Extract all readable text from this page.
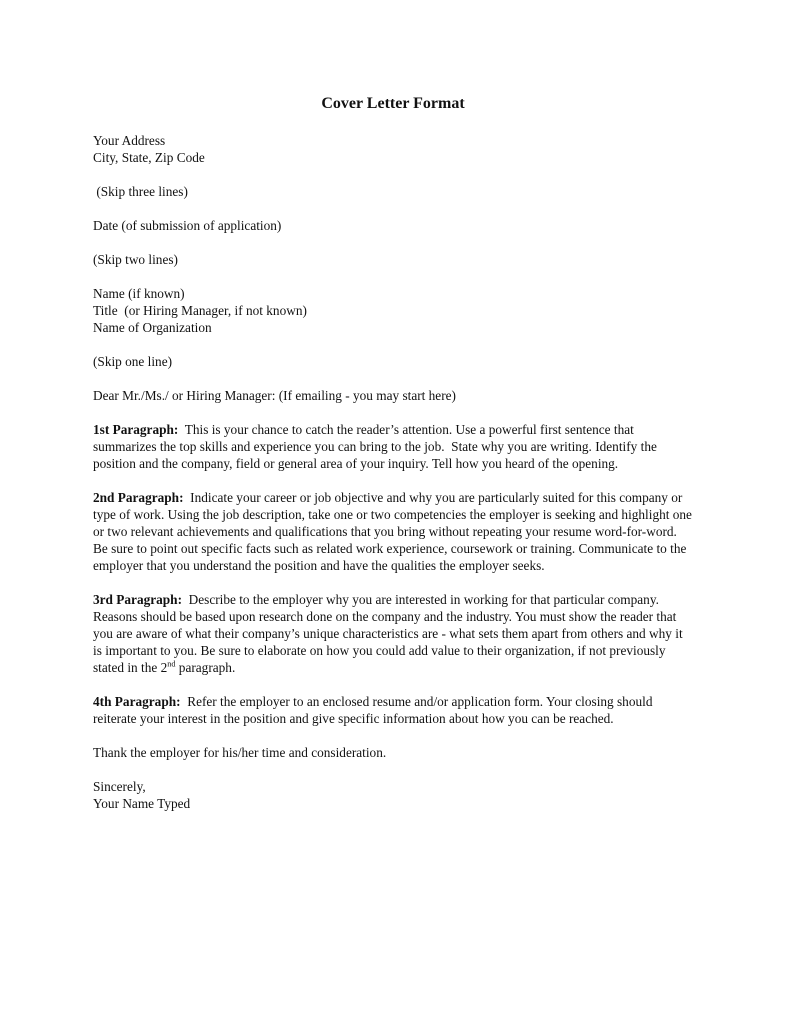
Cover Letter Format
Your Address
City, State, Zip Code
(Skip three lines)
Date (of submission of application)
(Skip two lines)
Name (if known)
Title  (or Hiring Manager, if not known)
Name of Organization
(Skip one line)
Dear Mr./Ms./ or Hiring Manager: (If emailing - you may start here)

1st Paragraph:  This is your chance to catch the reader’s attention. Use a powerful first sentence that summarizes the top skills and experience you can bring to the job.  State why you are writing. Identify the position and the company, field or general area of your inquiry. Tell how you heard of the opening.

2nd Paragraph:  Indicate your career or job objective and why you are particularly suited for this company or type of work. Using the job description, take one or two competencies the employer is seeking and highlight one or two relevant achievements and qualifications that you bring without repeating your resume word-for-word. Be sure to point out specific facts such as related work experience, coursework or training. Communicate to the employer that you understand the position and have the qualities the employer seeks.

3rd Paragraph:  Describe to the employer why you are interested in working for that particular company. Reasons should be based upon research done on the company and the industry. You must show the reader that you are aware of what their company’s unique characteristics are - what sets them apart from others and why it is important to you. Be sure to elaborate on how you could add value to their organization, if not previously stated in the 2nd paragraph.

4th Paragraph:  Refer the employer to an enclosed resume and/or application form. Your closing should reiterate your interest in the position and give specific information about how you can be reached.

Thank the employer for his/her time and consideration.
Sincerely,
Your Name Typed
